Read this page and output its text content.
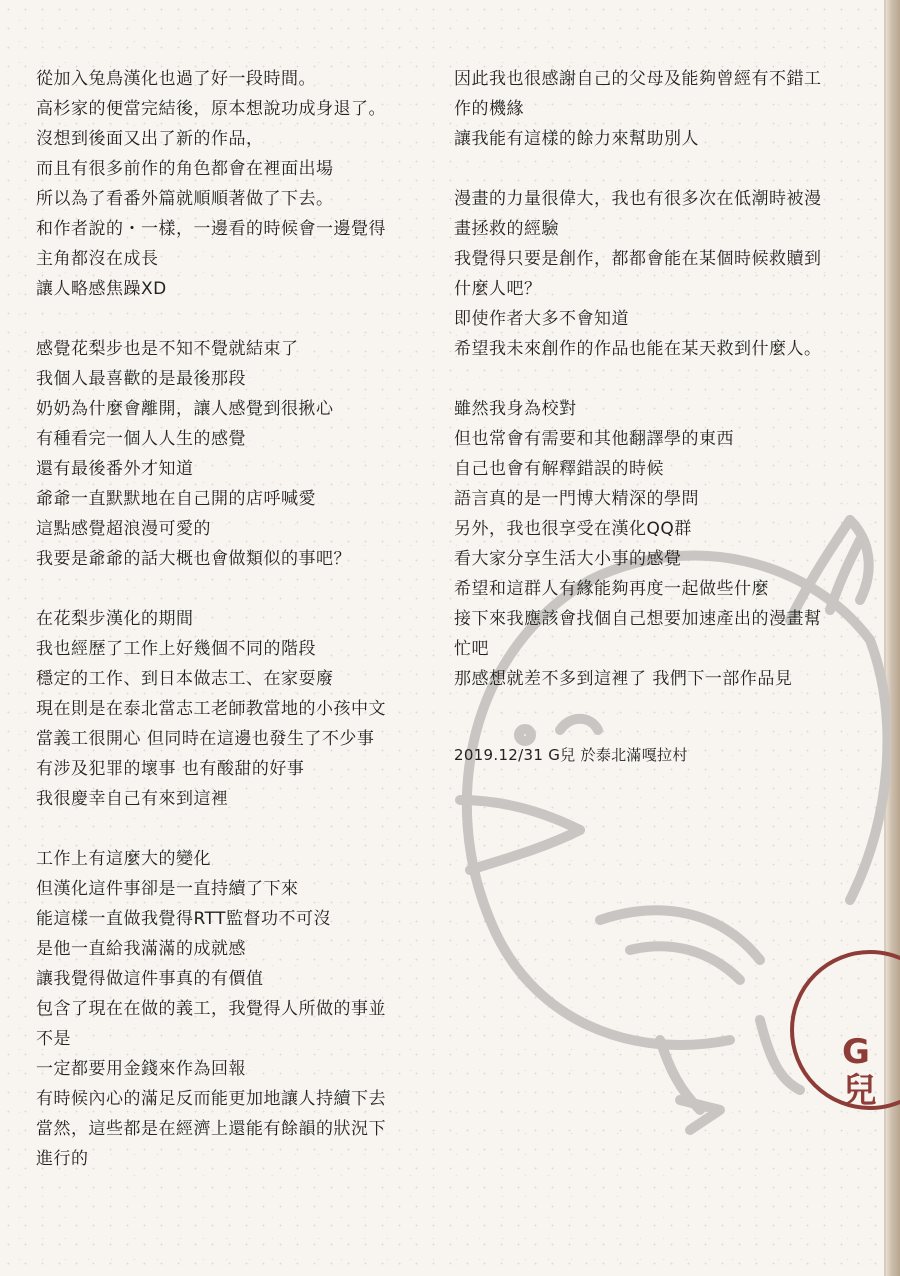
G兒
從加入兔鳥漢化也過了好一段時間。
高杉家的便當完結後，原本想說功成身退了。
沒想到後面又出了新的作品，
而且有很多前作的角色都會在裡面出場
所以為了看番外篇就順順著做了下去。
和作者說的・一樣，一邊看的時候會一邊覺得
主角都沒在成長
讓人略感焦躁XD
感覺花梨步也是不知不覺就結束了
我個人最喜歡的是最後那段
奶奶為什麼會離開，讓人感覺到很揪心
有種看完一個人人生的感覺
還有最後番外才知道
爺爺一直默默地在自己開的店呼喊愛
這點感覺超浪漫可愛的
我要是爺爺的話大概也會做類似的事吧？
在花梨步漢化的期間
我也經歷了工作上好幾個不同的階段
穩定的工作、到日本做志工、在家耍廢
現在則是在泰北當志工老師教當地的小孩中文
當義工很開心 但同時在這邊也發生了不少事
有涉及犯罪的壞事 也有酸甜的好事
我很慶幸自己有來到這裡
工作上有這麼大的變化
但漢化這件事卻是一直持續了下來
能這樣一直做我覺得RTT監督功不可沒
是他一直給我滿滿的成就感
讓我覺得做這件事真的有價值
包含了現在在做的義工，我覺得人所做的事並
不是
一定都要用金錢來作為回報
有時候內心的滿足反而能更加地讓人持續下去
當然，這些都是在經濟上還能有餘韻的狀況下
進行的
因此我也很感謝自己的父母及能夠曾經有不錯工
作的機緣
讓我能有這樣的餘力來幫助別人
漫畫的力量很偉大，我也有很多次在低潮時被漫
畫拯救的經驗
我覺得只要是創作，都都會能在某個時候救贖到
什麼人吧？
即使作者大多不會知道
希望我未來創作的作品也能在某天救到什麼人。
雖然我身為校對
但也常會有需要和其他翻譯學的東西
自己也會有解釋錯誤的時候
語言真的是一門博大精深的學問
另外，我也很享受在漢化QQ群
看大家分享生活大小事的感覺
希望和這群人有緣能夠再度一起做些什麼
接下來我應該會找個自己想要加速產出的漫畫幫
忙吧
那感想就差不多到這裡了 我們下一部作品見
2019.12/31 G兒 於泰北滿嘎拉村
